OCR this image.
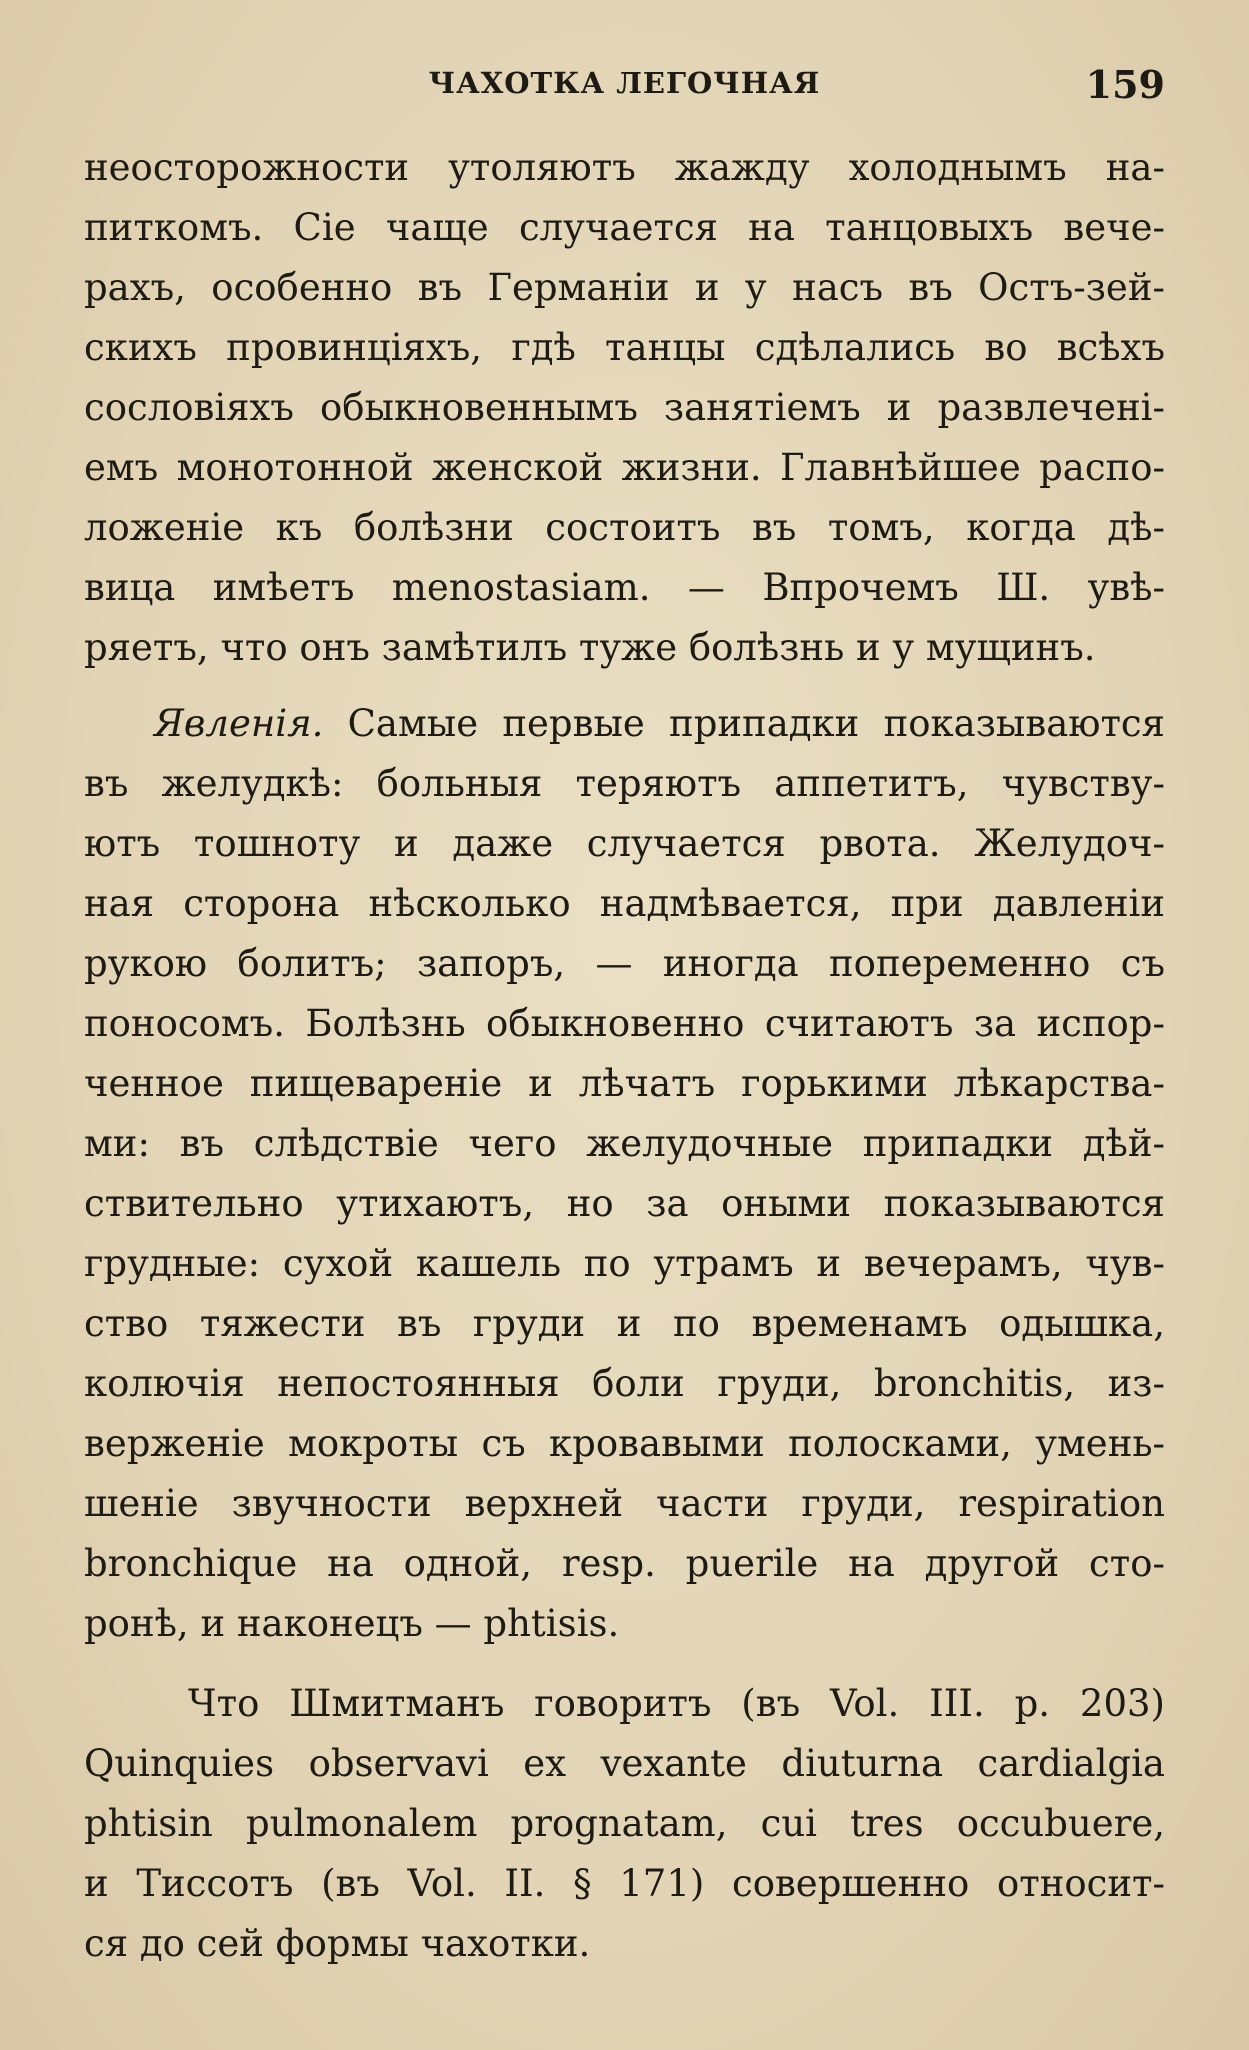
ЧАХОТКА ЛЕГОЧНАЯ	159
неосторожности утоляютъ жажду холоднымъ на-
питкомъ. Сіе чаще случается на танцовыхъ вече-
рахъ, особенно въ Германіи и у насъ въ Остъ-зей-
скихъ провинціяхъ, гдѣ танцы сдѣлались во всѣхъ
сословіяхъ обыкновеннымъ занятіемъ и развлеченi-
емъ монотонной женской жизни. Главнѣйшее распо-
ложеніе къ болѣзни состоитъ въ томъ, когда дѣ-
вица имѣетъ menostasiam. — Впрочемъ Ш. увѣ-
ряетъ, что онъ замѣтилъ тужe болѣзнь и у мущинъ.
Явленія. Самые первые припадки показываются
въ желудкѣ: больныя теряютъ аппетитъ, чувству-
ютъ тошноту и даже случается рвота. Желудоч-
ная сторона нѣсколько надмѣвается, при давленіи
рукою болитъ; запоръ, — иногда попеременно съ
поносомъ. Болѣзнь обыкновенно считаютъ за испор-
ченное пищевареніе и лѣчатъ горькими лѣкарства-
ми: въ слѣдствіе чего желудочные припадки дѣй-
ствительно утихаютъ, но за оными показываются
грудные: сухой кашель по утрамъ и вечерамъ, чув-
ство тяжести въ груди и по временамъ одышка,
колючія непостоянныя боли груди, bronchitis, из-
верженіе мокроты съ кровавыми полосками, умень-
шеніе звучности верхней части груди, respiration
bronchique на одной, resp. puerile на другой сто-
ронѣ, и наконецъ — phtisis.
Что Шмитманъ говоритъ (въ Vol. III. p. 203)
Quinquies observavi ex vexante diuturna cardialgia
phtisin pulmonalem prognatam, cui tres occubuere,
и Тиссотъ (въ Vol. II. § 171) совершенно относит-
ся до сей формы чахотки.
